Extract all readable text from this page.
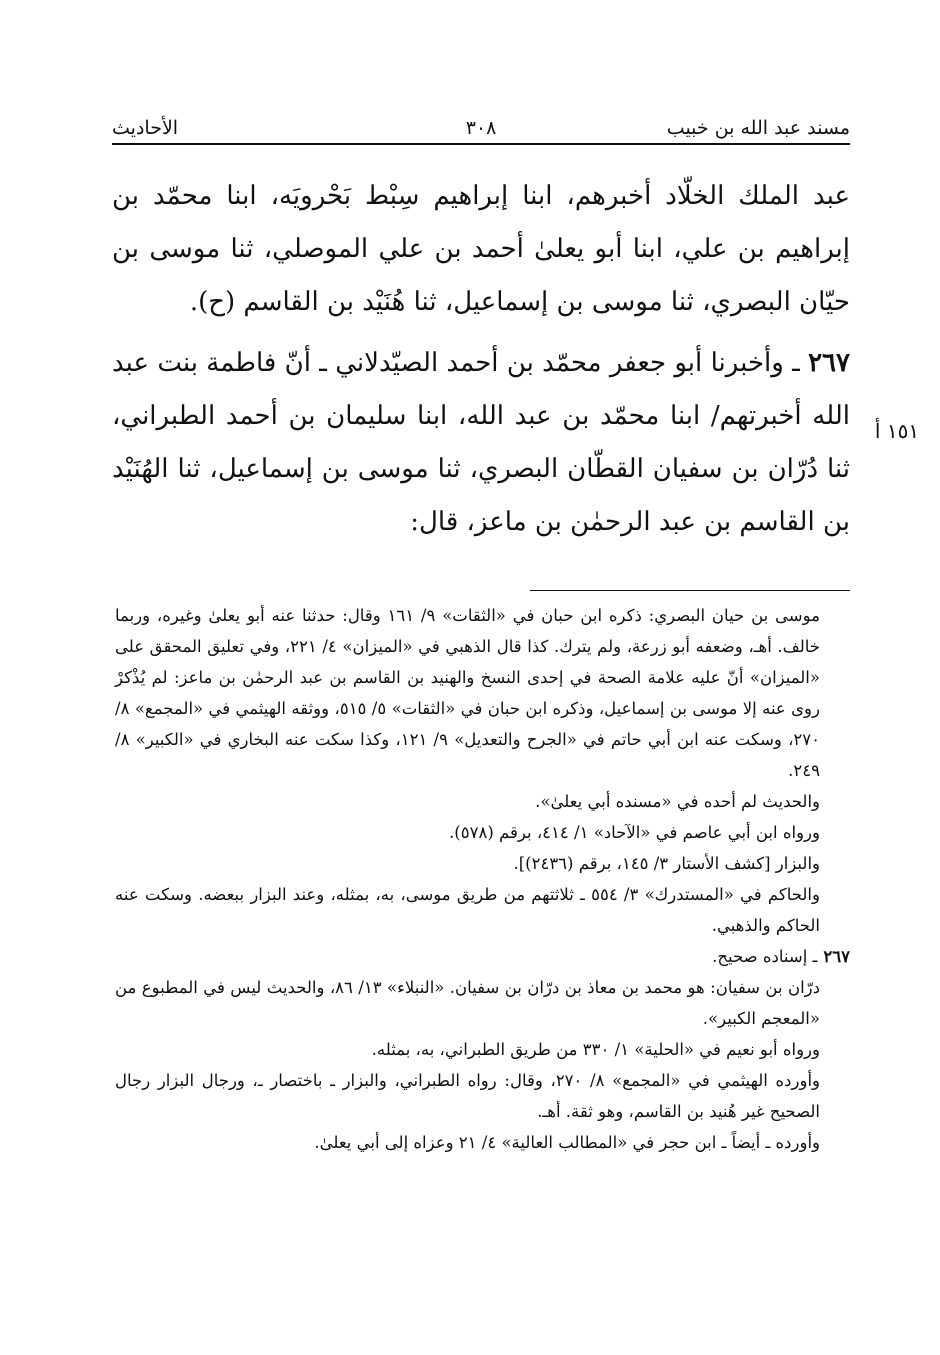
مسند عبد الله بن خبيب
٣٠٨
الأحاديث
١٥١ أ

عبد الملك الخلّاد أخبرهم، ابنا إبراهيم سِبْط بَحْرويَه، ابنا محمّد بن إبراهيم بن علي، ابنا أبو يعلىٰ أحمد بن علي الموصلي، ثنا موسى بن حيّان البصري، ثنا موسى بن إسماعيل، ثنا هُنَيْد بن القاسم (ح).

٢٦٧ ـ وأخبرنا أبو جعفر محمّد بن أحمد الصيّدلاني ـ أنّ فاطمة بنت عبد الله أخبرتهم/ ابنا محمّد بن عبد الله، ابنا سليمان بن أحمد الطبراني، ثنا دُرّان بن سفيان القطّان البصري، ثنا موسى بن إسماعيل، ثنا الهُنَيْد بن القاسم بن عبد الرحمٰن بن ماعز، قال:

موسى بن حيان البصري: ذكره ابن حبان في «الثقات» ٩/ ١٦١ وقال: حدثنا عنه أبو يعلىٰ وغيره، وربما خالف. أهـ، وضعفه أبو زرعة، ولم يترك. كذا قال الذهبي في «الميزان» ٤/ ٢٢١، وفي تعليق المحقق على «الميزان» أنّ عليه علامة الصحة في إحدى النسخ والهنيد بن القاسم بن عبد الرحمٰن بن ماعز: لم يُذْكرْ روى عنه إلا موسى بن إسماعيل، وذكره ابن حبان في «الثقات» ٥/ ٥١٥، ووثقه الهيثمي في «المجمع» ٨/ ٢٧٠، وسكت عنه ابن أبي حاتم في «الجرح والتعديل» ٩/ ١٢١، وكذا سكت عنه البخاري في «الكبير» ٨/ ٢٤٩.

والحديث لم أحده في «مسنده أبي يعلىٰ».

ورواه ابن أبي عاصم في «الآحاد» ١/ ٤١٤، برقم (٥٧٨).

والبزار [كشف الأستار ٣/ ١٤٥، برقم (٢٤٣٦)].

والحاكم في «المستدرك» ٣/ ٥٥٤ ـ ثلاثتهم من طريق موسى، به، بمثله، وعند البزار ببعضه. وسكت عنه الحاكم والذهبي.

٢٦٧ـ إسناده صحيح.

درّان بن سفيان: هو محمد بن معاذ بن درّان بن سفيان. «النبلاء» ١٣/ ٨٦، والحديث ليس في المطبوع من «المعجم الكبير».

ورواه أبو نعيم في «الحلية» ١/ ٣٣٠ من طريق الطبراني، به، بمثله.

وأورده الهيثمي في «المجمع» ٨/ ٢٧٠، وقال: رواه الطبراني، والبزار ـ باختصار ـ، ورجال البزار رجال الصحيح غير هُنيد بن القاسم، وهو ثقة. أهـ.

وأورده ـ أيضاً ـ ابن حجر في «المطالب العالية» ٤/ ٢١ وعزاه إلى أبي يعلىٰ.
